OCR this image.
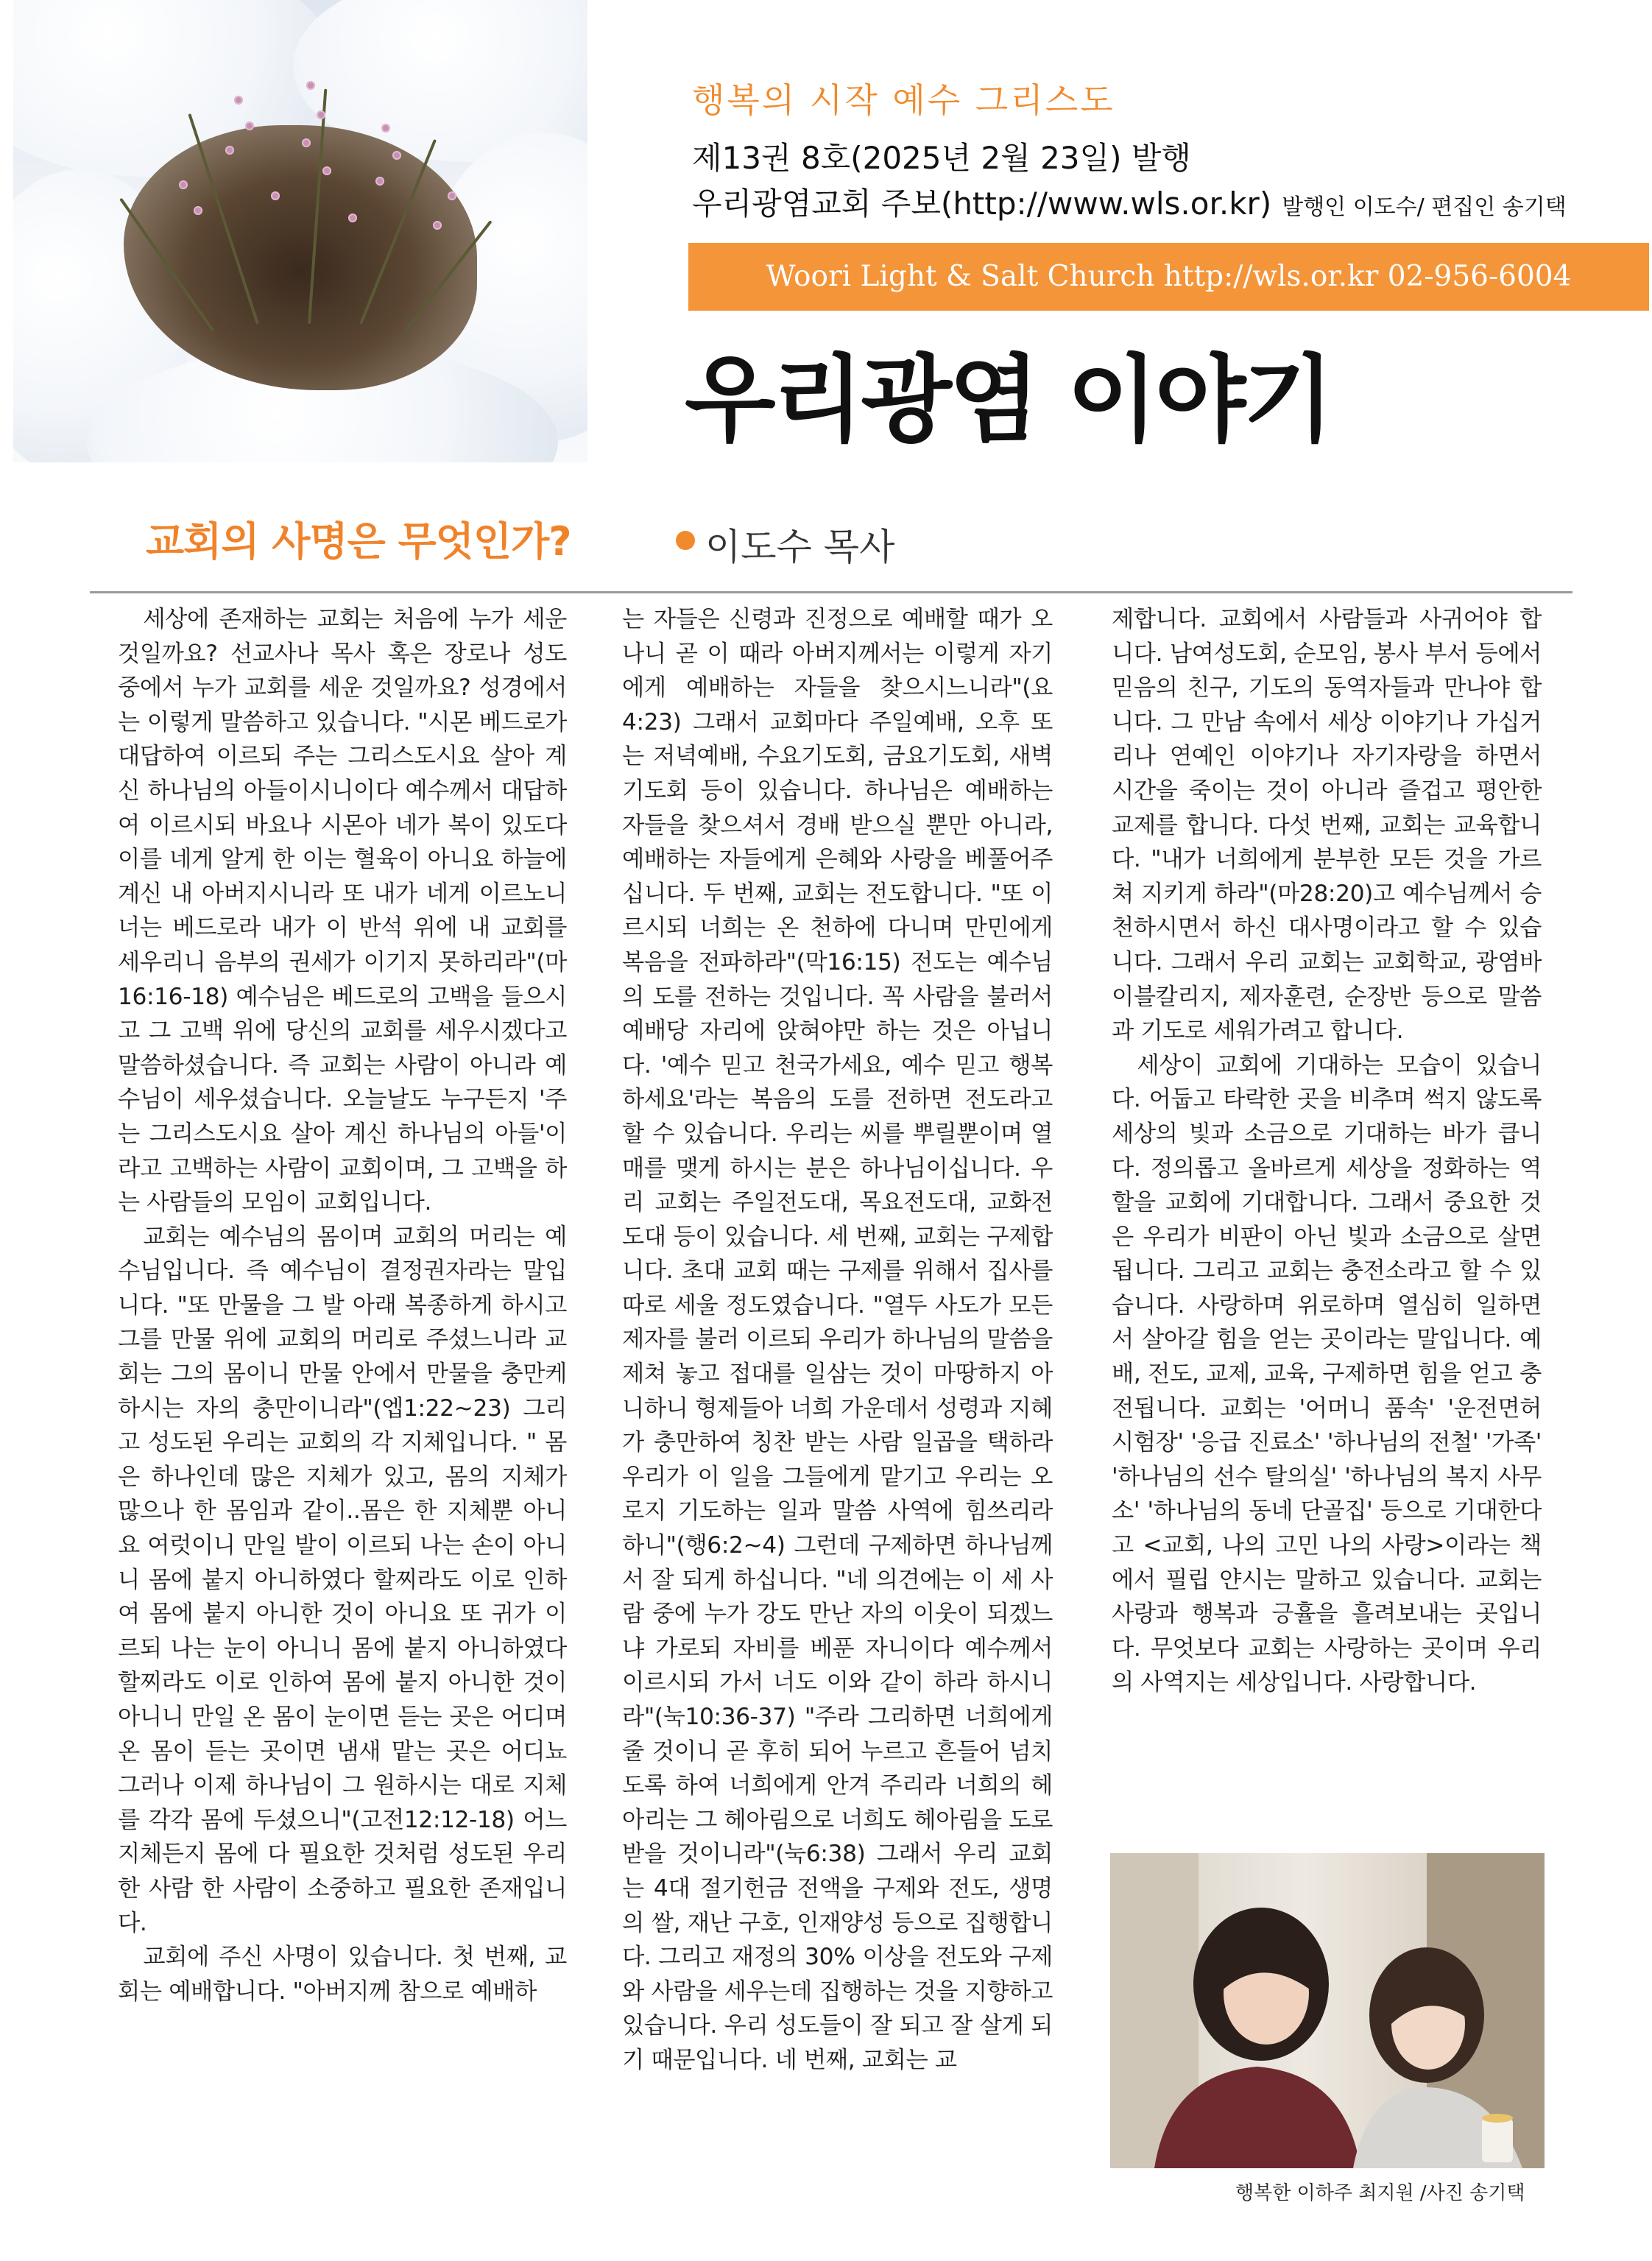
행복의 시작 예수 그리스도
제13권 8호(2025년 2월 23일) 발행
우리광염교회 주보(http://www.wls.or.kr) 발행인 이도수/ 편집인 송기택
Woori Light & Salt Church http://wls.or.kr 02-956-6004
우리광염 이야기
교회의 사명은 무엇인가?	이도수 목사

세상에 존재하는 교회는 처음에 누가 세운 것일까요? 선교사나 목사 혹은 장로나 성도 중에서 누가 교회를 세운 것일까요? 성경에서는 이렇게 말씀하고 있습니다. "시몬 베드로가 대답하여 이르되 주는 그리스도시요 살아 계신 하나님의 아들이시니이다 예수께서 대답하여 이르시되 바요나 시몬아 네가 복이 있도다 이를 네게 알게 한 이는 혈육이 아니요 하늘에 계신 내 아버지시니라 또 내가 네게 이르노니 너는 베드로라 내가 이 반석 위에 내 교회를 세우리니 음부의 권세가 이기지 못하리라"(마16:16-18) 예수님은 베드로의 고백을 들으시고 그 고백 위에 당신의 교회를 세우시겠다고 말씀하셨습니다. 즉 교회는 사람이 아니라 예수님이 세우셨습니다. 오늘날도 누구든지 '주는 그리스도시요 살아 계신 하나님의 아들'이라고 고백하는 사람이 교회이며, 그 고백을 하는 사람들의 모임이 교회입니다.

교회는 예수님의 몸이며 교회의 머리는 예수님입니다. 즉 예수님이 결정권자라는 말입니다. "또 만물을 그 발 아래 복종하게 하시고 그를 만물 위에 교회의 머리로 주셨느니라 교회는 그의 몸이니 만물 안에서 만물을 충만케 하시는 자의 충만이니라"(엡1:22~23) 그리고 성도된 우리는 교회의 각 지체입니다. " 몸은 하나인데 많은 지체가 있고, 몸의 지체가 많으나 한 몸임과 같이..몸은 한 지체뿐 아니요 여럿이니 만일 발이 이르되 나는 손이 아니니 몸에 붙지 아니하였다 할찌라도 이로 인하여 몸에 붙지 아니한 것이 아니요 또 귀가 이르되 나는 눈이 아니니 몸에 붙지 아니하였다 할찌라도 이로 인하여 몸에 붙지 아니한 것이 아니니 만일 온 몸이 눈이면 듣는 곳은 어디며 온 몸이 듣는 곳이면 냄새 맡는 곳은 어디뇨 그러나 이제 하나님이 그 원하시는 대로 지체를 각각 몸에 두셨으니"(고전12:12-18) 어느 지체든지 몸에 다 필요한 것처럼 성도된 우리 한 사람 한 사람이 소중하고 필요한 존재입니다.

교회에 주신 사명이 있습니다. 첫 번째, 교회는 예배합니다. "아버지께 참으로 예배하

는 자들은 신령과 진정으로 예배할 때가 오나니 곧 이 때라 아버지께서는 이렇게 자기에게 예배하는 자들을 찾으시느니라"(요4:23) 그래서 교회마다 주일예배, 오후 또는 저녁예배, 수요기도회, 금요기도회, 새벽기도회 등이 있습니다. 하나님은 예배하는 자들을 찾으셔서 경배 받으실 뿐만 아니라, 예배하는 자들에게 은혜와 사랑을 베풀어주십니다. 두 번째, 교회는 전도합니다. "또 이르시되 너희는 온 천하에 다니며 만민에게 복음을 전파하라"(막16:15) 전도는 예수님의 도를 전하는 것입니다. 꼭 사람을 불러서 예배당 자리에 앉혀야만 하는 것은 아닙니다. '예수 믿고 천국가세요, 예수 믿고 행복하세요'라는 복음의 도를 전하면 전도라고 할 수 있습니다. 우리는 씨를 뿌릴뿐이며 열매를 맺게 하시는 분은 하나님이십니다. 우리 교회는 주일전도대, 목요전도대, 교화전도대 등이 있습니다. 세 번째, 교회는 구제합니다. 초대 교회 때는 구제를 위해서 집사를 따로 세울 정도였습니다. "열두 사도가 모든 제자를 불러 이르되 우리가 하나님의 말씀을 제쳐 놓고 접대를 일삼는 것이 마땅하지 아니하니 형제들아 너희 가운데서 성령과 지혜가 충만하여 칭찬 받는 사람 일곱을 택하라 우리가 이 일을 그들에게 맡기고 우리는 오로지 기도하는 일과 말씀 사역에 힘쓰리라 하니"(행6:2~4) 그런데 구제하면 하나님께서 잘 되게 하십니다. "네 의견에는 이 세 사람 중에 누가 강도 만난 자의 이웃이 되겠느냐 가로되 자비를 베푼 자니이다 예수께서 이르시되 가서 너도 이와 같이 하라 하시니라"(눅10:36-37) "주라 그리하면 너희에게 줄 것이니 곧 후히 되어 누르고 흔들어 넘치도록 하여 너희에게 안겨 주리라 너희의 헤아리는 그 헤아림으로 너희도 헤아림을 도로 받을 것이니라"(눅6:38) 그래서 우리 교회는 4대 절기헌금 전액을 구제와 전도, 생명의 쌀, 재난 구호, 인재양성 등으로 집행합니다. 그리고 재정의 30% 이상을 전도와 구제와 사람을 세우는데 집행하는 것을 지향하고 있습니다. 우리 성도들이 잘 되고 잘 살게 되기 때문입니다. 네 번째, 교회는 교

제합니다. 교회에서 사람들과 사귀어야 합니다. 남여성도회, 순모임, 봉사 부서 등에서 믿음의 친구, 기도의 동역자들과 만나야 합니다. 그 만남 속에서 세상 이야기나 가십거리나 연예인 이야기나 자기자랑을 하면서 시간을 죽이는 것이 아니라 즐겁고 평안한 교제를 합니다. 다섯 번째, 교회는 교육합니다. "내가 너희에게 분부한 모든 것을 가르쳐 지키게 하라"(마28:20)고 예수님께서 승천하시면서 하신 대사명이라고 할 수 있습니다. 그래서 우리 교회는 교회학교, 광염바이블칼리지, 제자훈련, 순장반 등으로 말씀과 기도로 세워가려고 합니다.

세상이 교회에 기대하는 모습이 있습니다. 어둡고 타락한 곳을 비추며 썩지 않도록 세상의 빛과 소금으로 기대하는 바가 큽니다. 정의롭고 올바르게 세상을 정화하는 역할을 교회에 기대합니다. 그래서 중요한 것은 우리가 비판이 아닌 빛과 소금으로 살면 됩니다. 그리고 교회는 충전소라고 할 수 있습니다. 사랑하며 위로하며 열심히 일하면서 살아갈 힘을 얻는 곳이라는 말입니다. 예배, 전도, 교제, 교육, 구제하면 힘을 얻고 충전됩니다. 교회는 '어머니 품속' '운전면허 시험장' '응급 진료소' '하나님의 전철' '가족' '하나님의 선수 탈의실' '하나님의 복지 사무소' '하나님의 동네 단골집' 등으로 기대한다고 <교회, 나의 고민 나의 사랑>이라는 책에서 필립 얀시는 말하고 있습니다. 교회는 사랑과 행복과 긍휼을 흘려보내는 곳입니다. 무엇보다 교회는 사랑하는 곳이며 우리의 사역지는 세상입니다. 사랑합니다.

행복한 이하주 최지원 /사진 송기택
